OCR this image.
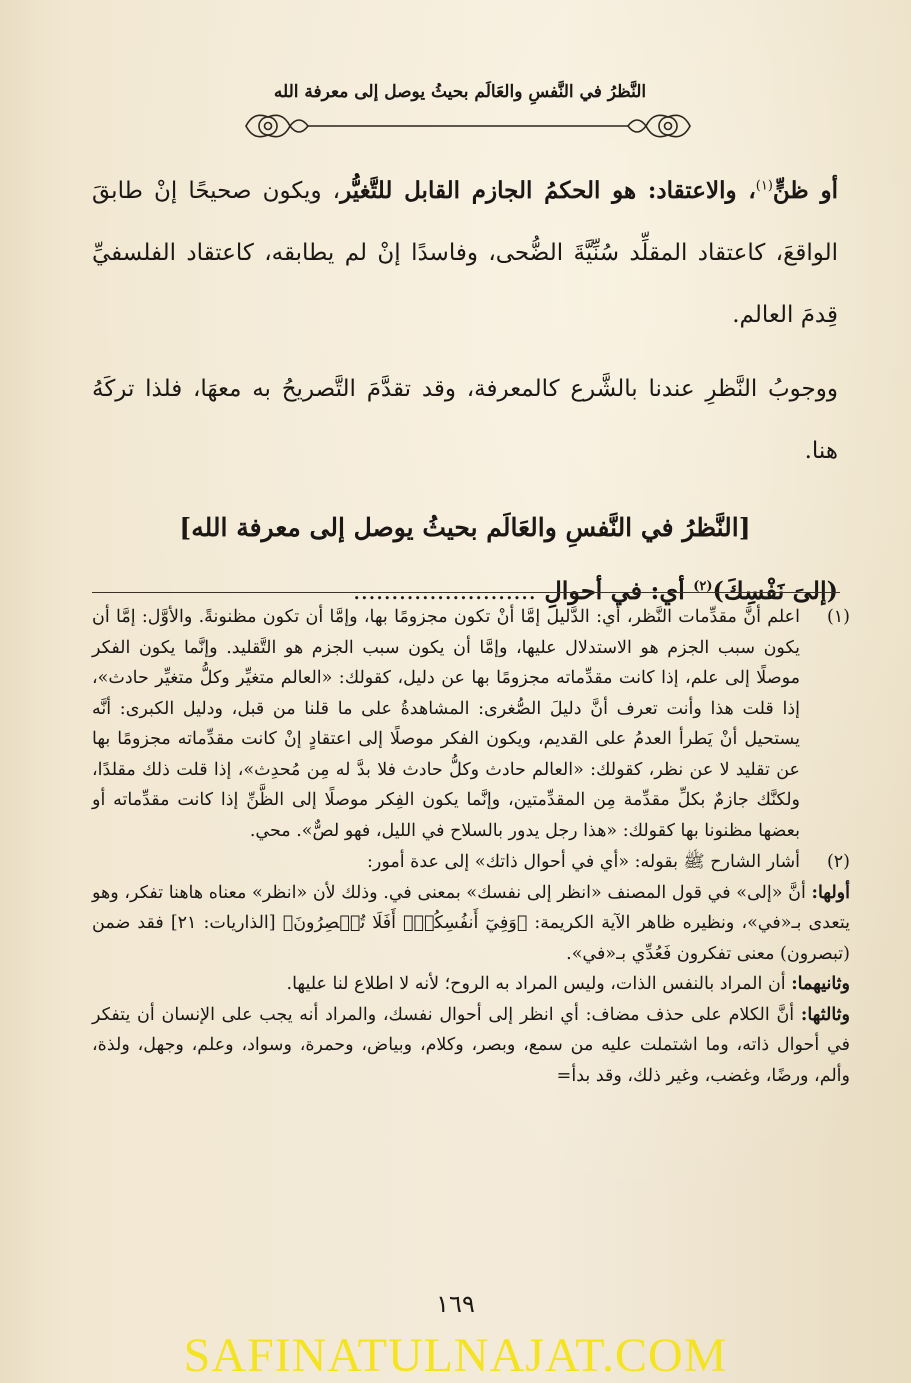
النَّظرُ في النَّفسِ والعَالَم بحيثُ يوصل إلى معرفة الله

أو ظنٍّ$^{(١)}$، والاعتقاد: هو الحكمُ الجازم القابل للتَّغيُّر، ويكون صحيحًا إنْ طابقَ الواقعَ، كاعتقاد المقلِّد سُنِّيَّةَ الضُّحى، وفاسدًا إنْ لم يطابقه، كاعتقاد الفلسفيِّ قِدمَ العالم.

ووجوبُ النَّظرِ عندنا بالشَّرع كالمعرفة، وقد تقدَّمَ التَّصريحُ به معهَا، فلذا تركَهُ هنا.

[النَّظرُ في النَّفسِ والعَالَم بحيثُ يوصل إلى معرفة الله]
(إلىَ نَفْسِكَ)$^{(٢)}$ أي: في أحوالِ ........................
(١)
اعلم أنَّ مقدِّمات النَّظر، أي: الدَّليل إمَّا أنْ تكون مجزومًا بها، وإمَّا أن تكون مظنونةً. والأوَّل: إمَّا أن يكون سبب الجزم هو الاستدلال عليها، وإمَّا أن يكون سبب الجزم هو التَّقليد. وإنَّما يكون الفكر موصلًا إلى علم، إذا كانت مقدِّماته مجزومًا بها عن دليل، كقولك: «العالم متغيِّر وكلُّ متغيِّر حادث»، إذا قلت هذا وأنت تعرف أنَّ دليلَ الصُّغرى: المشاهدةُ على ما قلنا من قبل، ودليل الكبرى: أنَّه يستحيل أنْ يَطرأ العدمُ على القديم، ويكون الفكر موصلًا إلى اعتقادٍ إنْ كانت مقدِّماته مجزومًا بها عن تقليد لا عن نظر، كقولك: «العالم حادث وكلُّ حادث فلا بدَّ له مِن مُحدِث»، إذا قلت ذلك مقلدًا، ولكنَّك جازمٌ بكلِّ مقدِّمة مِن المقدِّمتين، وإنَّما يكون الفِكر موصلًا إلى الظَّنِّ إذا كانت مقدِّماته أو بعضها مظنونا بها كقولك: «هذا رجل يدور بالسلاح في الليل، فهو لصٌّ». محي.
(٢)
أشار الشارح ﷺ بقوله: «أي في أحوال ذاتك» إلى عدة أمور:

أولها: أنَّ «إلى» في قول المصنف «انظر إلى نفسك» بمعنى في. وذلك لأن «انظر» معناه هاهنا تفكر، وهو يتعدى بـ«في»، ونظيره ظاهر الآية الكريمة: ﴿وَفِيٓ أَنفُسِكُمۡۚ أَفَلَا تُبۡصِرُونَ﴾ [الذاريات: ٢١] فقد ضمن (تبصرون) معنى تفكرون فَعُدِّي بـ«في».

وثانيهما: أن المراد بالنفس الذات، وليس المراد به الروح؛ لأنه لا اطلاع لنا عليها.

وثالثها: أنَّ الكلام على حذف مضاف: أي انظر إلى أحوال نفسك، والمراد أنه يجب على الإنسان أن يتفكر في أحوال ذاته، وما اشتملت عليه من سمع، وبصر، وكلام، وبياض، وحمرة، وسواد، وعلم، وجهل، ولذة، وألم، ورضًا، وغضب، وغير ذلك، وقد بدأ=

١٦٩
SAFINATULNAJAT.COM
